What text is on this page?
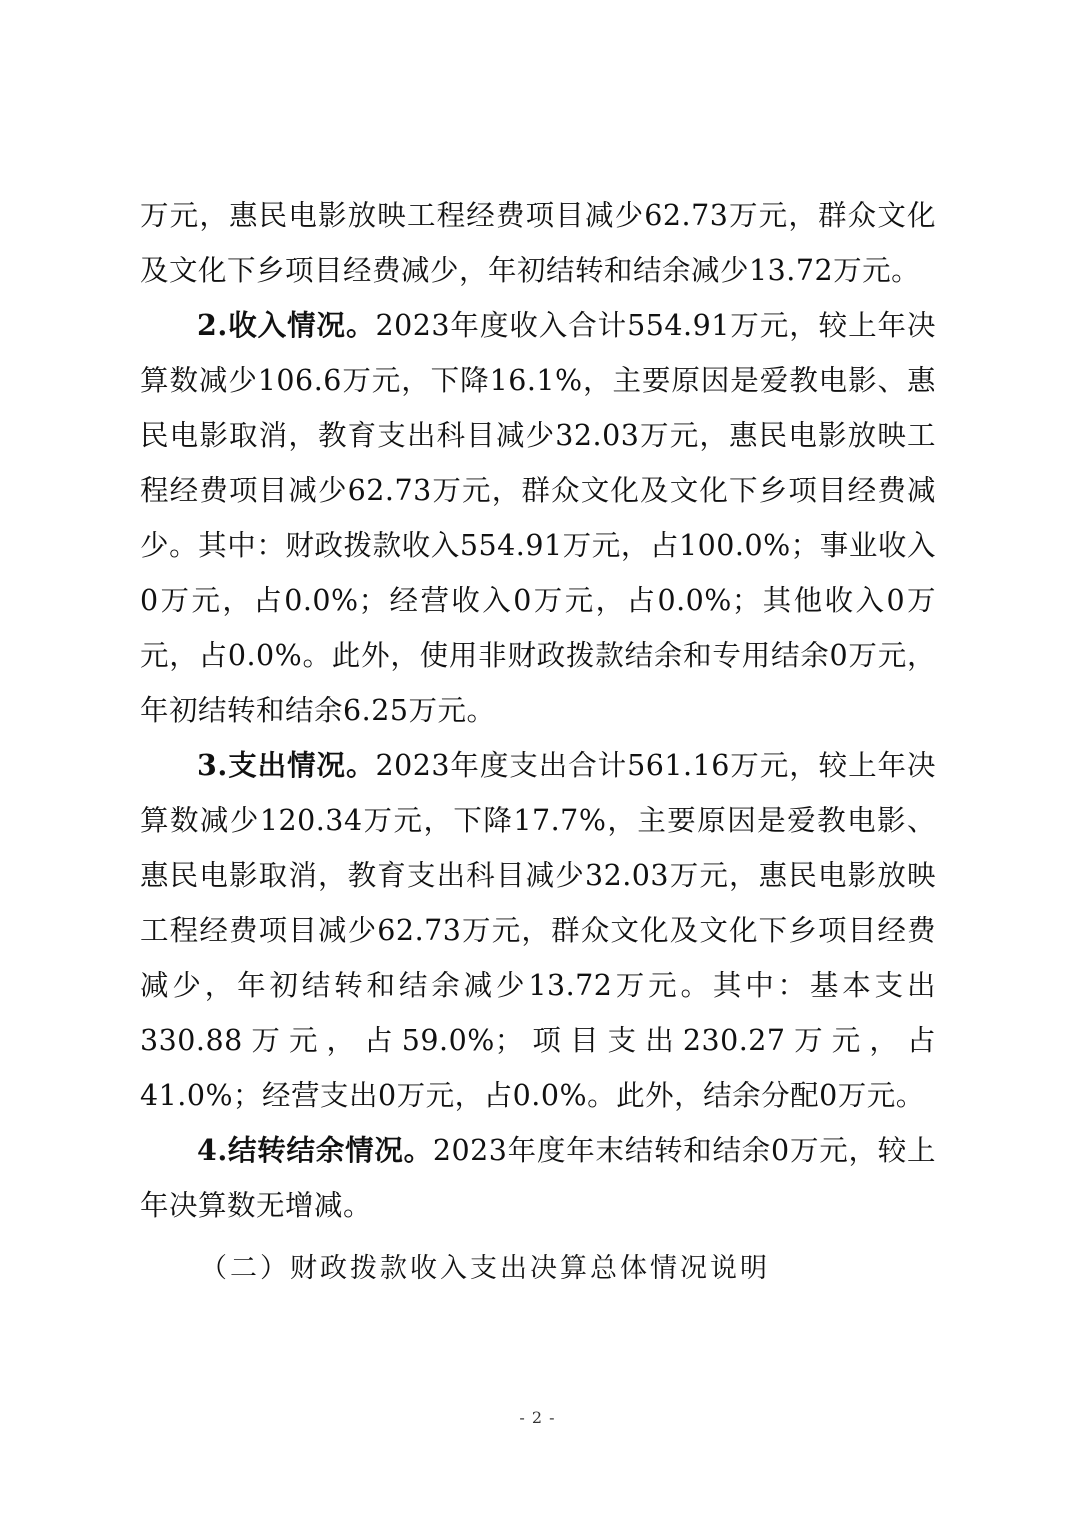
万元，惠民电影放映工程经费项目减少62.73万元，群众文化及文化下乡项目经费减少，年初结转和结余减少13.72万元。

2.收入情况。2023年度收入合计554.91万元，较上年决算数减少106.6万元，下降16.1%，主要原因是爱教电影、惠民电影取消，教育支出科目减少32.03万元，惠民电影放映工程经费项目减少62.73万元，群众文化及文化下乡项目经费减少。其中：财政拨款收入554.91万元，占100.0%；事业收入0万元，占0.0%；经营收入0万元，占0.0%；其他收入0万元，占0.0%。此外，使用非财政拨款结余和专用结余0万元，年初结转和结余6.25万元。

3.支出情况。2023年度支出合计561.16万元，较上年决算数减少120.34万元，下降17.7%，主要原因是爱教电影、惠民电影取消，教育支出科目减少32.03万元，惠民电影放映工程经费项目减少62.73万元，群众文化及文化下乡项目经费减少，年初结转和结余减少13.72万元。其中：基本支出330.88万元，占59.0%；项目支出230.27万元，占41.0%；经营支出0万元，占0.0%。此外，结余分配0万元。

4.结转结余情况。2023年度年末结转和结余0万元，较上年决算数无增减。

（二）财政拨款收入支出决算总体情况说明

- 2 -
